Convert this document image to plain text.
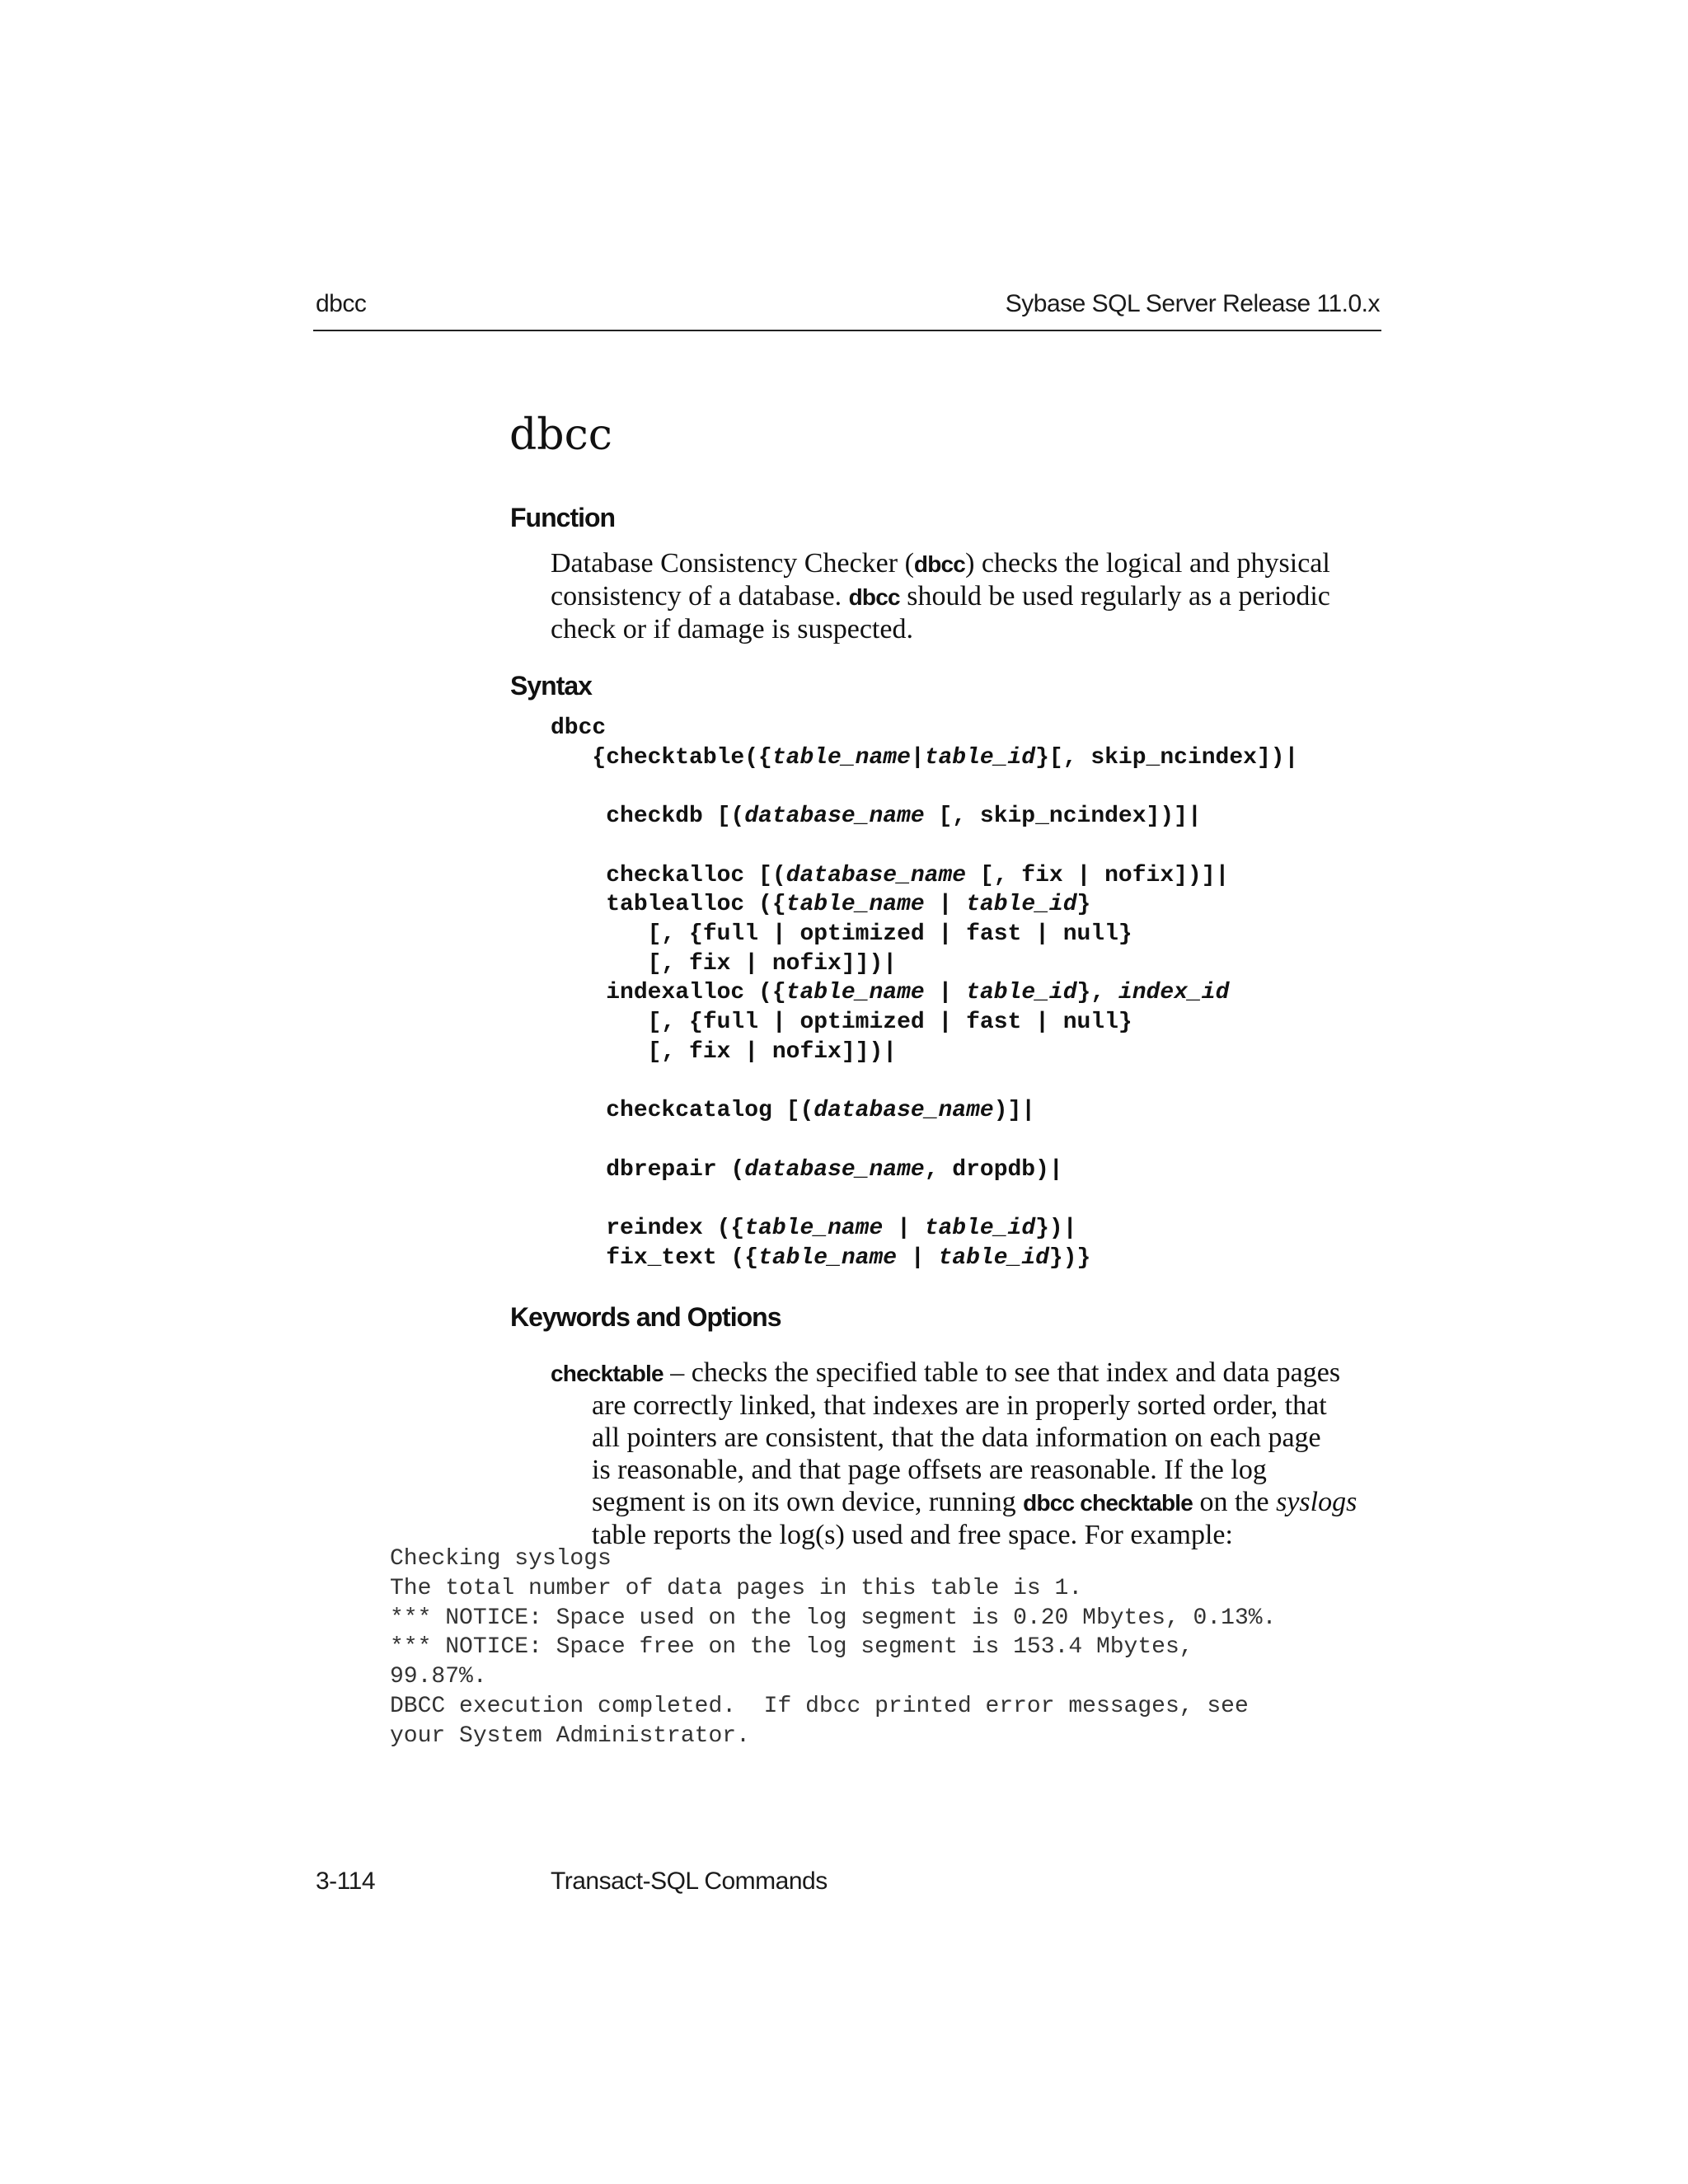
dbcc	Sybase SQL Server Release 11.0.x
dbcc
Function
Database Consistency Checker (dbcc) checks the logical and physical
consistency of a database. dbcc should be used regularly as a periodic
check or if damage is suspected.
Syntax
dbcc
{checktable({table_name|table_id}[, skip_ncindex])|

checkdb [(database_name [, skip_ncindex])]|

checkalloc [(database_name [, fix | nofix])]|
tablealloc ({table_name | table_id}
[, {full | optimized | fast | null}
[, fix | nofix]])|
indexalloc ({table_name | table_id}, index_id
[, {full | optimized | fast | null}
[, fix | nofix]])|

checkcatalog [(database_name)]|

dbrepair (database_name, dropdb)|

reindex ({table_name | table_id})|
fix_text ({table_name | table_id})}
Keywords and Options
checktable – checks the specified table to see that index and data pages
are correctly linked, that indexes are in properly sorted order, that
all pointers are consistent, that the data information on each page
is reasonable, and that page offsets are reasonable. If the log
segment is on its own device, running dbcc checktable on the syslogs
table reports the log(s) used and free space. For example:
Checking syslogs
The total number of data pages in this table is 1.
*** NOTICE: Space used on the log segment is 0.20 Mbytes, 0.13%.
*** NOTICE: Space free on the log segment is 153.4 Mbytes,
99.87%.
DBCC execution completed.  If dbcc printed error messages, see
your System Administrator.
3-114	Transact-SQL Commands
